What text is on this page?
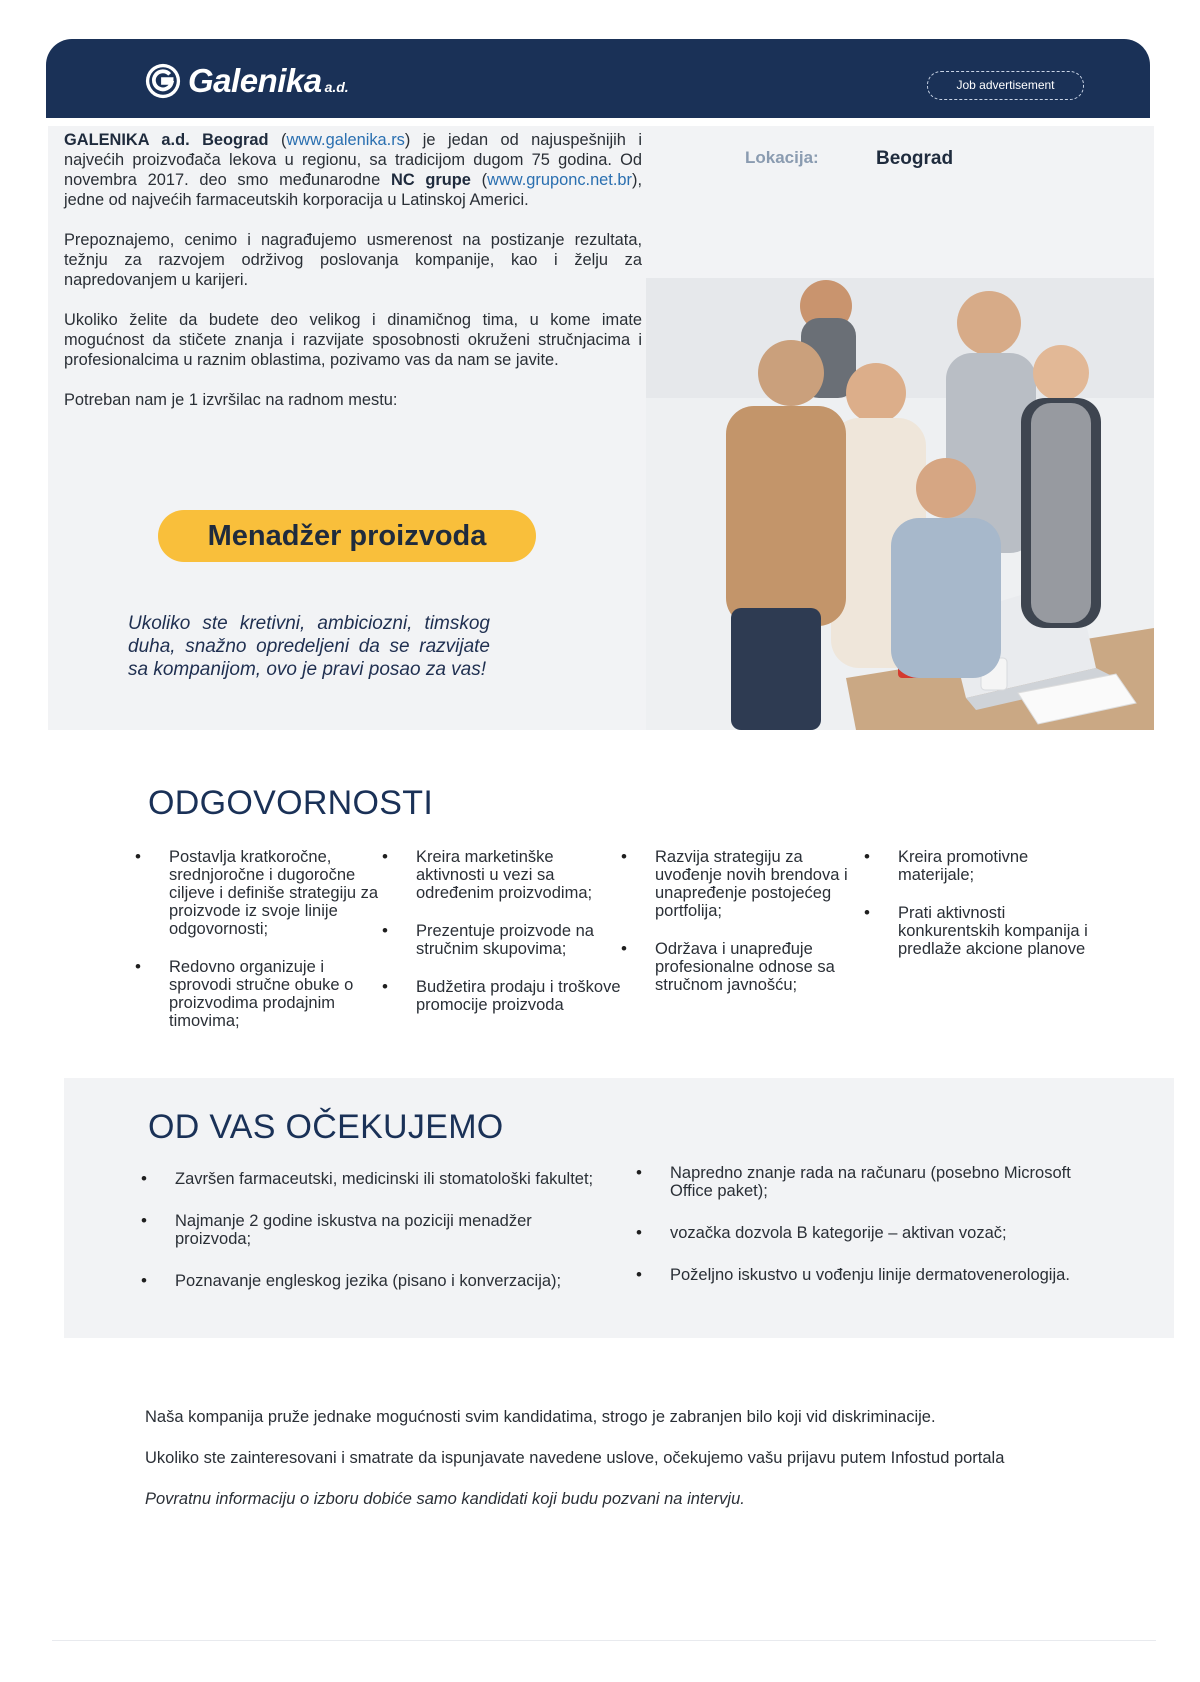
Galenika a.d.	Job advertisement

GALENIKA a.d. Beograd (www.galenika.rs) je jedan od najuspešnijih i najvećih proizvođača lekova u regionu, sa tradicijom dugom 75 godina. Od novembra 2017. deo smo međunarodne NC grupe (www.gruponc.net.br), jedne od najvećih farmaceutskih korporacija u Latinskoj Americi.

Prepoznajemo, cenimo i nagrađujemo usmerenost na postizanje rezultata, težnju za razvojem održivog poslovanja kompanije, kao i želju za napredovanjem u karijeri.

Ukoliko želite da budete deo velikog i dinamičnog tima, u kome imate mogućnost da stičete znanja i razvijate sposobnosti okruženi stručnjacima i profesionalcima u raznim oblastima, pozivamo vas da nam se javite.

Potreban nam je 1 izvršilac na radnom mestu:

Lokacija:	Beograd
Menadžer proizvoda
Ukoliko ste kretivni, ambiciozni, timskog duha, snažno opredeljeni da se razvijate sa kompanijom, ovo je pravi posao za vas!
ODGOVORNOSTI
• Postavlja kratkoročne, srednjoročne i dugoročne ciljeve i definiše strategiju za proizvode iz svoje linije odgovornosti;
• Redovno organizuje i sprovodi stručne obuke o proizvodima prodajnim timovima;
• Kreira marketinške aktivnosti u vezi sa određenim proizvodima;
• Prezentuje proizvode na stručnim skupovima;
• Budžetira prodaju i troškove promocije proizvoda
• Razvija strategiju za uvođenje novih brendova i unapređenje postojećeg portfolija;
• Održava i unapređuje profesionalne odnose sa stručnom javnošću;
• Kreira promotivne materijale;
• Prati aktivnosti konkurentskih kompanija i predlaže akcione planove
OD VAS OČEKUJEMO
• Završen farmaceutski, medicinski ili stomatološki fakultet;
• Najmanje 2 godine iskustva na poziciji menadžer proizvoda;
• Poznavanje engleskog jezika (pisano i konverzacija);
• Napredno znanje rada na računaru (posebno Microsoft Office paket);
• vozačka dozvola B kategorije – aktivan vozač;
• Poželjno iskustvo u vođenju linije dermatovenerologija.
Naša kompanija pruže jednake mogućnosti svim kandidatima, strogo je zabranjen bilo koji vid diskriminacije.
Ukoliko ste zainteresovani i smatrate da ispunjavate navedene uslove, očekujemo vašu prijavu putem Infostud portala
Povratnu informaciju o izboru dobiće samo kandidati koji budu pozvani na intervju.
